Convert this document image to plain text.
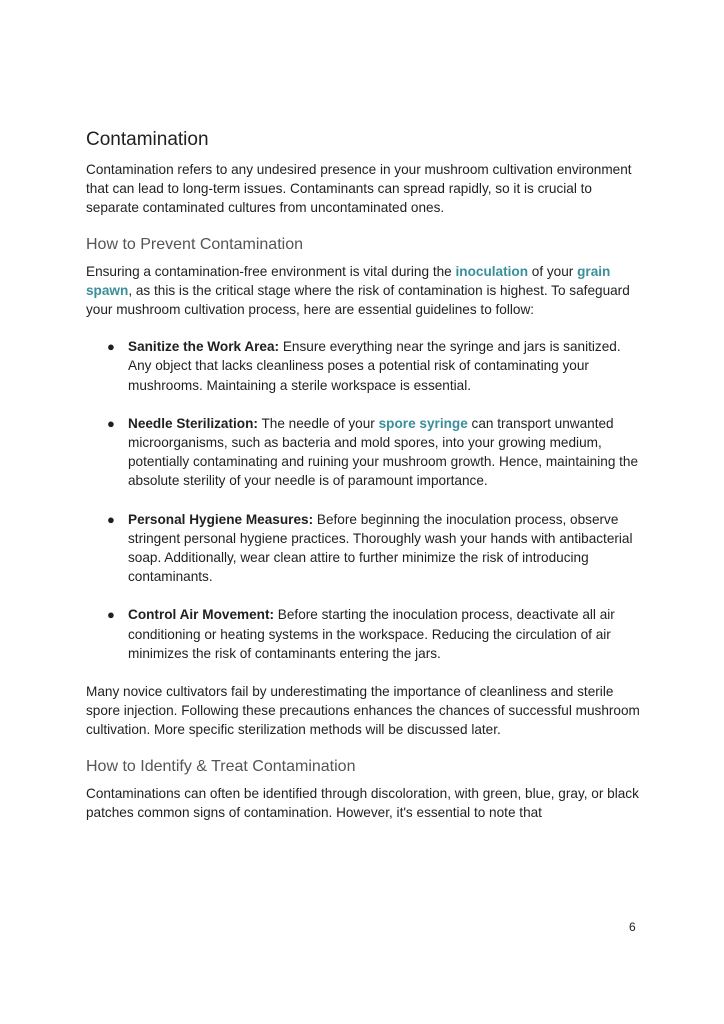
Contamination

Contamination refers to any undesired presence in your mushroom cultivation environment that can lead to long-term issues. Contaminants can spread rapidly, so it is crucial to separate contaminated cultures from uncontaminated ones.

How to Prevent Contamination

Ensuring a contamination-free environment is vital during the inoculation of your grain spawn, as this is the critical stage where the risk of contamination is highest. To safeguard your mushroom cultivation process, here are essential guidelines to follow:

● Sanitize the Work Area: Ensure everything near the syringe and jars is sanitized. Any object that lacks cleanliness poses a potential risk of contaminating your mushrooms. Maintaining a sterile workspace is essential.
● Needle Sterilization: The needle of your spore syringe can transport unwanted microorganisms, such as bacteria and mold spores, into your growing medium, potentially contaminating and ruining your mushroom growth. Hence, maintaining the absolute sterility of your needle is of paramount importance.
● Personal Hygiene Measures: Before beginning the inoculation process, observe stringent personal hygiene practices. Thoroughly wash your hands with antibacterial soap. Additionally, wear clean attire to further minimize the risk of introducing contaminants.
● Control Air Movement: Before starting the inoculation process, deactivate all air conditioning or heating systems in the workspace. Reducing the circulation of air minimizes the risk of contaminants entering the jars.

Many novice cultivators fail by underestimating the importance of cleanliness and sterile spore injection. Following these precautions enhances the chances of successful mushroom cultivation. More specific sterilization methods will be discussed later.

How to Identify & Treat Contamination

Contaminations can often be identified through discoloration, with green, blue, gray, or black patches common signs of contamination. However, it's essential to note that

6
